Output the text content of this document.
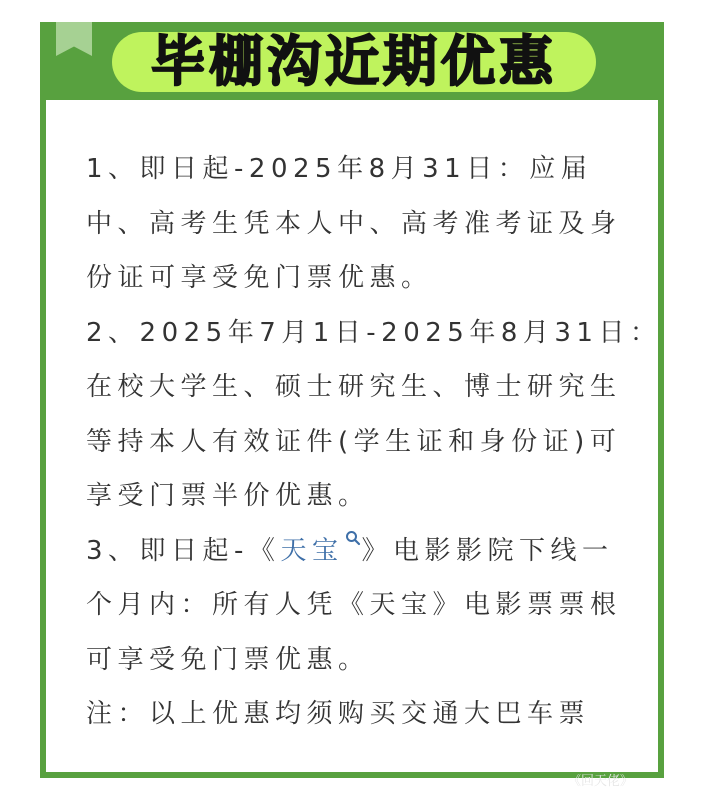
毕棚沟近期优惠
1、即日起-2025年8月31日：应届
中、高考生凭本人中、高考准考证及身
份证可享受免门票优惠。
2、2025年7月1日-2025年8月31日：
在校大学生、硕士研究生、博士研究生
等持本人有效证件(学生证和身份证)可
享受门票半价优惠。
3、即日起-《天宝 》电影影院下线一
个月内：所有人凭《天宝》电影票票根
可享受免门票优惠。
注：以上优惠均须购买交通大巴车票
《回天佬》
